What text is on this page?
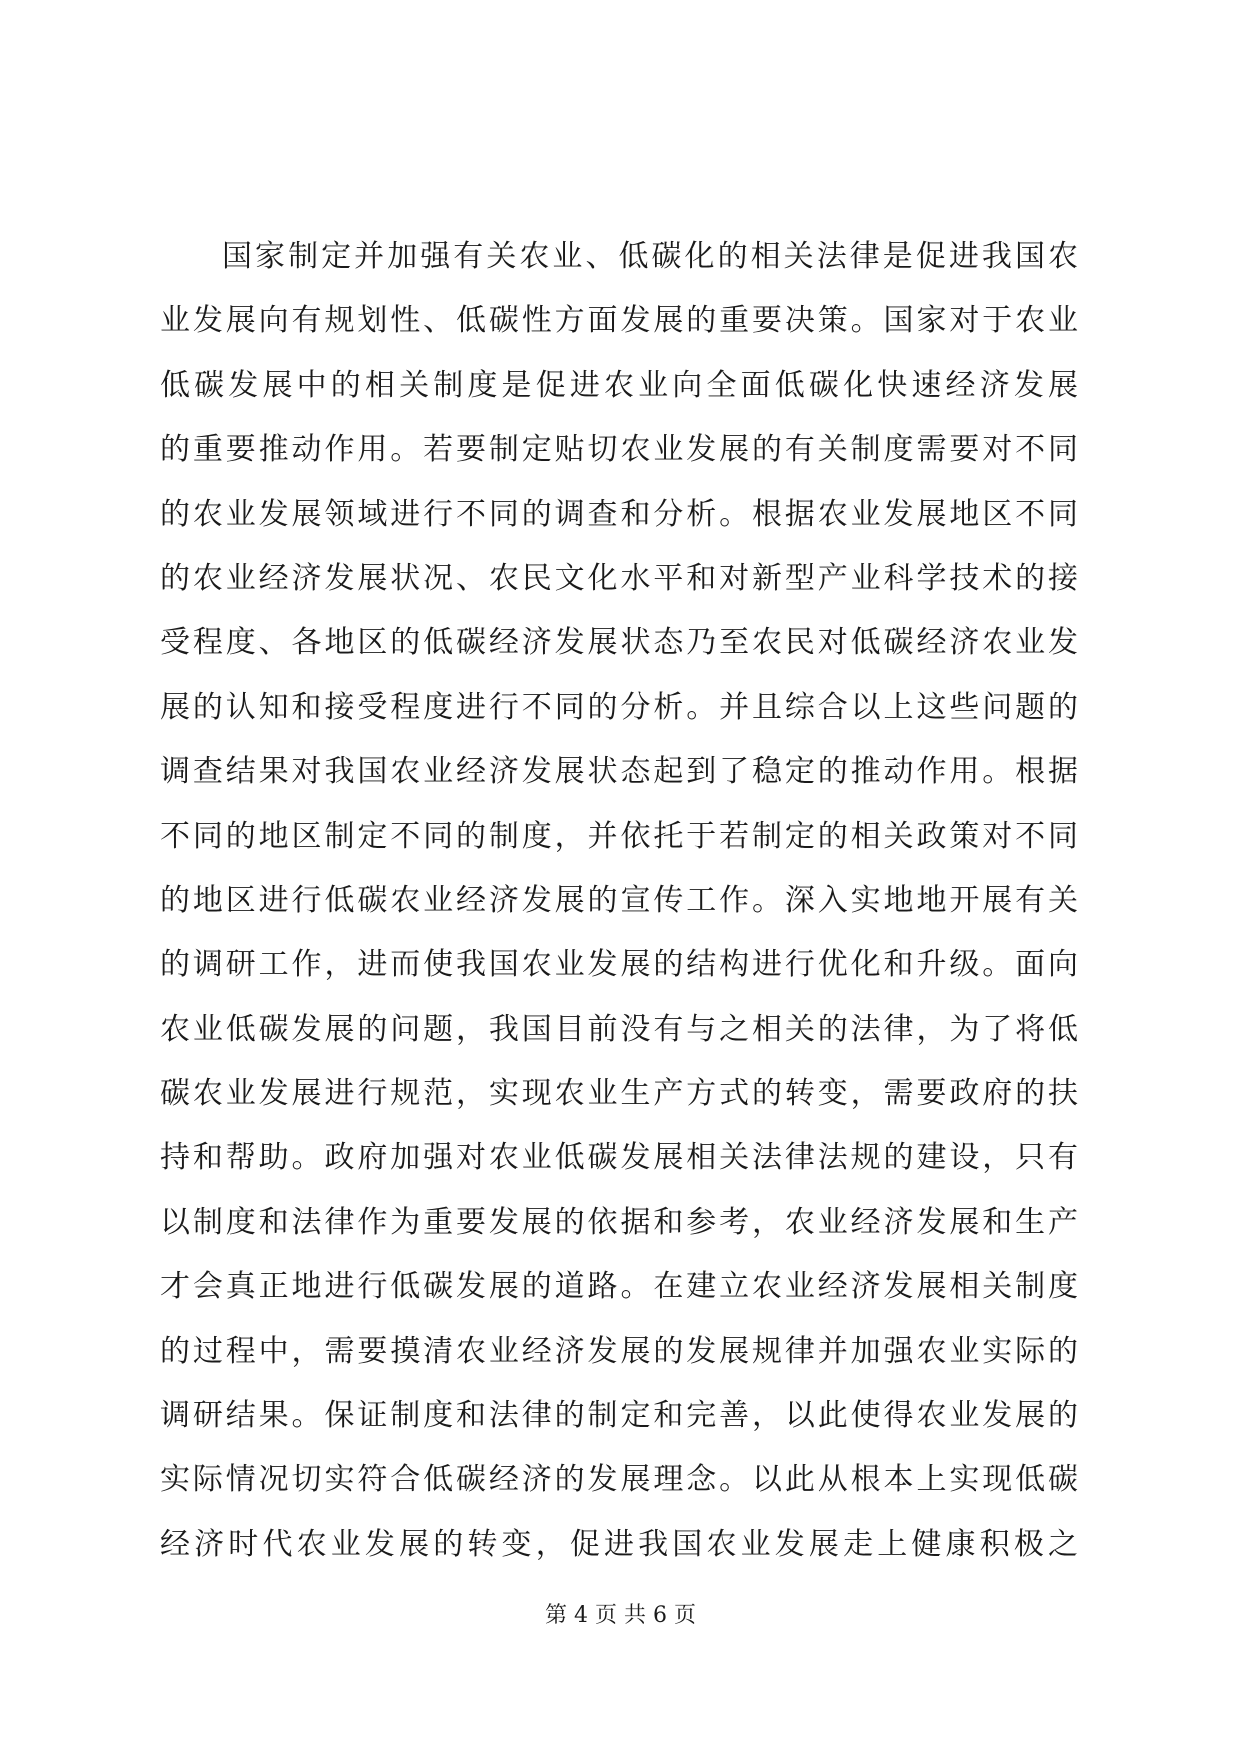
国家制定并加强有关农业、低碳化的相关法律是促进我国农
业发展向有规划性、低碳性方面发展的重要决策。国家对于农业
低碳发展中的相关制度是促进农业向全面低碳化快速经济发展
的重要推动作用。若要制定贴切农业发展的有关制度需要对不同
的农业发展领域进行不同的调查和分析。根据农业发展地区不同
的农业经济发展状况、农民文化水平和对新型产业科学技术的接
受程度、各地区的低碳经济发展状态乃至农民对低碳经济农业发
展的认知和接受程度进行不同的分析。并且综合以上这些问题的
调查结果对我国农业经济发展状态起到了稳定的推动作用。根据
不同的地区制定不同的制度，并依托于若制定的相关政策对不同
的地区进行低碳农业经济发展的宣传工作。深入实地地开展有关
的调研工作，进而使我国农业发展的结构进行优化和升级。面向
农业低碳发展的问题，我国目前没有与之相关的法律，为了将低
碳农业发展进行规范，实现农业生产方式的转变，需要政府的扶
持和帮助。政府加强对农业低碳发展相关法律法规的建设，只有
以制度和法律作为重要发展的依据和参考，农业经济发展和生产
才会真正地进行低碳发展的道路。在建立农业经济发展相关制度
的过程中，需要摸清农业经济发展的发展规律并加强农业实际的
调研结果。保证制度和法律的制定和完善，以此使得农业发展的
实际情况切实符合低碳经济的发展理念。以此从根本上实现低碳
经济时代农业发展的转变，促进我国农业发展走上健康积极之
第 4 页 共 6 页
